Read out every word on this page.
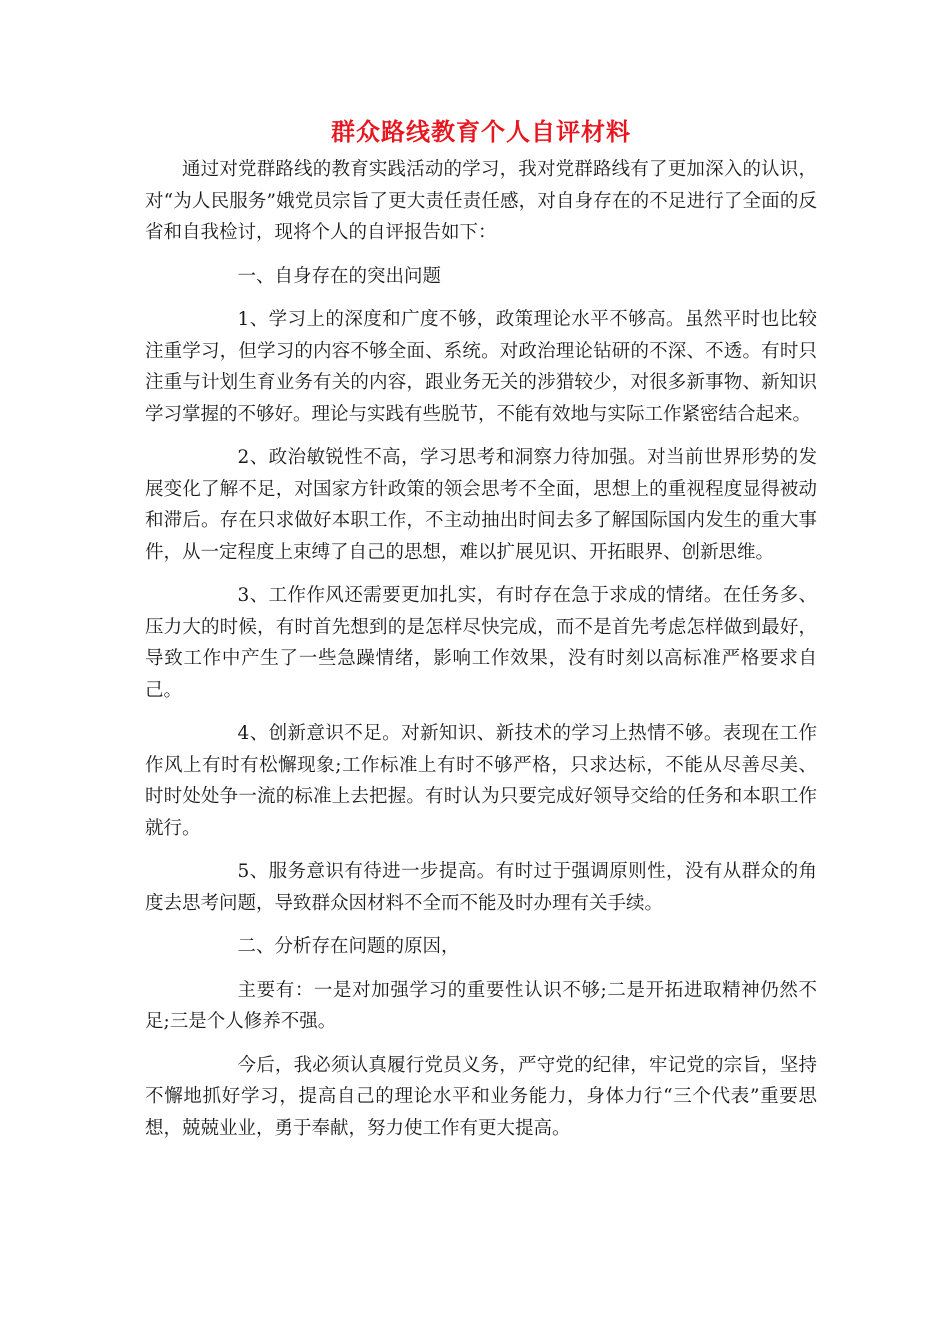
群众路线教育个人自评材料

通过对党群路线的教育实践活动的学习，我对党群路线有了更加深入的认识，对“为人民服务”娥党员宗旨了更大责任责任感，对自身存在的不足进行了全面的反省和自我检讨，现将个人的自评报告如下：

一、自身存在的突出问题

1、学习上的深度和广度不够，政策理论水平不够高。虽然平时也比较注重学习，但学习的内容不够全面、系统。对政治理论钻研的不深、不透。有时只注重与计划生育业务有关的内容，跟业务无关的涉猎较少，对很多新事物、新知识学习掌握的不够好。理论与实践有些脱节，不能有效地与实际工作紧密结合起来。

2、政治敏锐性不高，学习思考和洞察力待加强。对当前世界形势的发展变化了解不足，对国家方针政策的领会思考不全面，思想上的重视程度显得被动和滞后。存在只求做好本职工作，不主动抽出时间去多了解国际国内发生的重大事件，从一定程度上束缚了自己的思想，难以扩展见识、开拓眼界、创新思维。

3、工作作风还需要更加扎实，有时存在急于求成的情绪。在任务多、压力大的时候，有时首先想到的是怎样尽快完成，而不是首先考虑怎样做到最好，导致工作中产生了一些急躁情绪，影响工作效果，没有时刻以高标准严格要求自己。

4、创新意识不足。对新知识、新技术的学习上热情不够。表现在工作作风上有时有松懈现象;工作标准上有时不够严格，只求达标，不能从尽善尽美、时时处处争一流的标准上去把握。有时认为只要完成好领导交给的任务和本职工作就行。

5、服务意识有待进一步提高。有时过于强调原则性，没有从群众的角度去思考问题，导致群众因材料不全而不能及时办理有关手续。

二、分析存在问题的原因，

主要有：一是对加强学习的重要性认识不够;二是开拓进取精神仍然不足;三是个人修养不强。

今后，我必须认真履行党员义务，严守党的纪律，牢记党的宗旨，坚持不懈地抓好学习，提高自己的理论水平和业务能力，身体力行“三个代表”重要思想，兢兢业业，勇于奉献，努力使工作有更大提高。
